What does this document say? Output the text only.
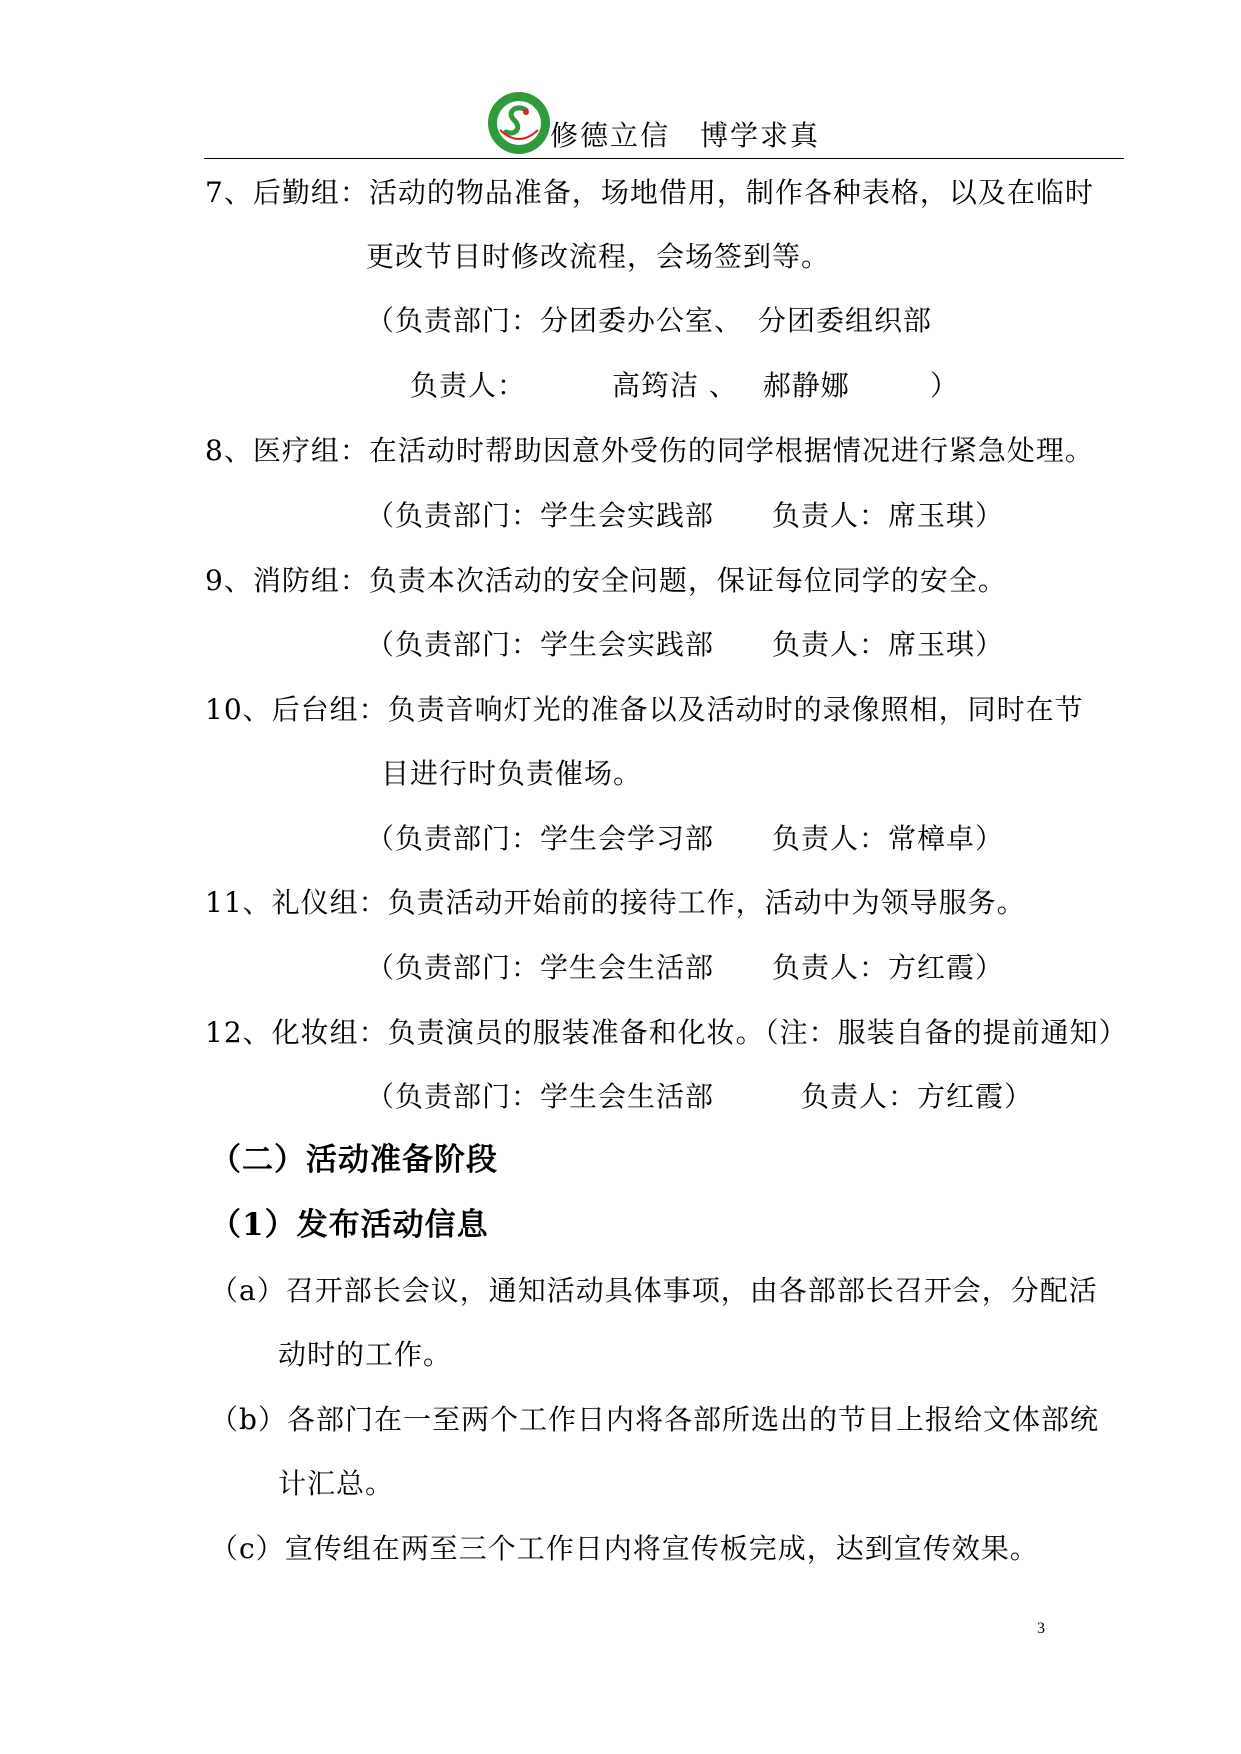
修德立信　博学求真
7、后勤组：活动的物品准备，场地借用，制作各种表格，以及在临时
更改节目时修改流程，会场签到等。
（负责部门：分团委办公室、　分团委组织部
负责人：	高筠洁 、　 郝静娜	）
8、医疗组：在活动时帮助因意外受伤的同学根据情况进行紧急处理。
（负责部门：学生会实践部　　负责人：席玉琪）
9、消防组：负责本次活动的安全问题，保证每位同学的安全。
（负责部门：学生会实践部　　负责人：席玉琪）
10、后台组：负责音响灯光的准备以及活动时的录像照相，同时在节
目进行时负责催场。
（负责部门：学生会学习部　　负责人：常樟卓）
11、礼仪组：负责活动开始前的接待工作，活动中为领导服务。
（负责部门：学生会生活部　　负责人：方红霞）
12、化妆组：负责演员的服装准备和化妆。（注：服装自备的提前通知）
（负责部门：学生会生活部　　　负责人：方红霞）
（二）活动准备阶段
（1）发布活动信息
（a）召开部长会议，通知活动具体事项，由各部部长召开会，分配活
动时的工作。
（b）各部门在一至两个工作日内将各部所选出的节目上报给文体部统
计汇总。
（c）宣传组在两至三个工作日内将宣传板完成，达到宣传效果。
3
